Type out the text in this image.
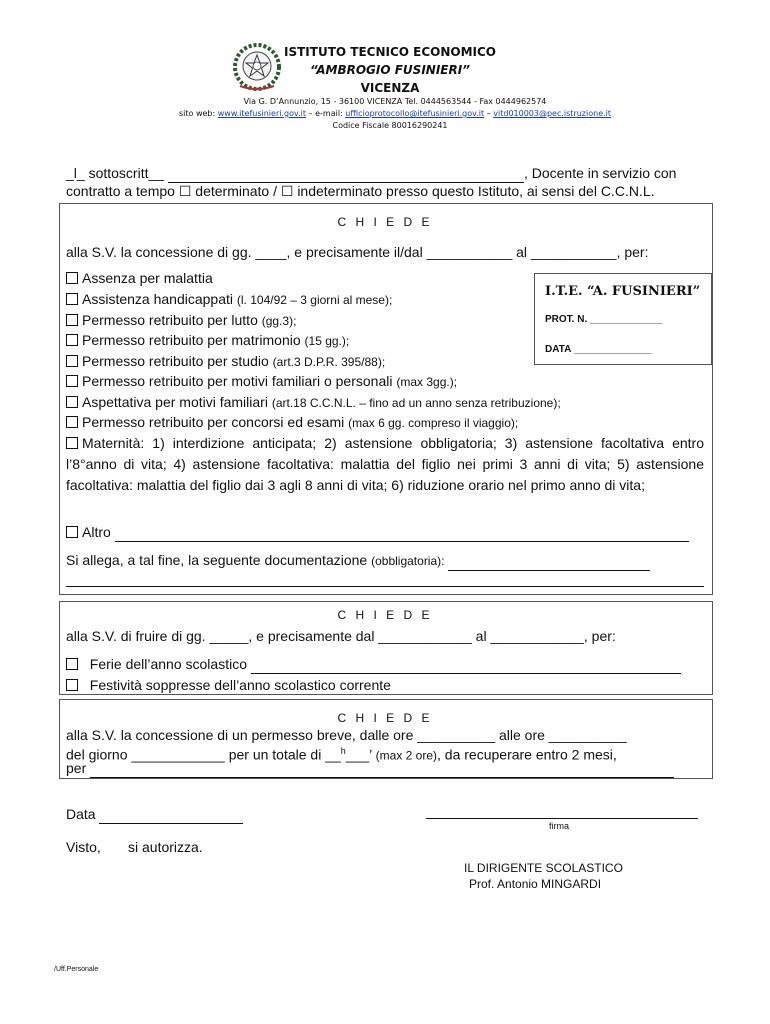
ISTITUTO TECNICO ECONOMICO
“AMBROGIO FUSINIERI”
VICENZA
Via G. D’Annunzio, 15 - 36100 VICENZA Tel. 0444563544 - Fax 0444962574
sito web: www.itefusinieri.gov.it – e-mail: ufficioprotocollo@itefusinieri.gov.it – vitd010003@pec.istruzione.it
Codice Fiscale 80016290241
_l_ sottoscritt__	, Docente in servizio con
contratto a tempo ☐ determinato / ☐ indeterminato presso questo Istituto, ai sensi del C.C.N.L.
C H I E D E
alla S.V. la concessione di gg. ____, e precisamente il/dal ___________ al ___________, per:
I.T.E. “A. FUSINIERI”
PROT. N. _____________
DATA ______________
Assenza per malattia
Assistenza handicappati (l. 104/92 – 3 giorni al mese);
Permesso retribuito per lutto (gg.3);
Permesso retribuito per matrimonio (15 gg.);
Permesso retribuito per studio (art.3 D.P.R. 395/88);
Permesso retribuito per motivi familiari o personali (max 3gg.);
Aspettativa per motivi familiari (art.18 C.C.N.L. – fino ad un anno senza retribuzione);
Permesso retribuito per concorsi ed esami (max 6 gg. compreso il viaggio);
Maternità: 1) interdizione anticipata; 2) astensione obbligatoria; 3) astensione facoltativa entro l’8°anno di vita; 4) astensione facoltativa: malattia del figlio nei primi 3 anni di vita; 5) astensione facoltativa: malattia del figlio dai 3 agli 8 anni di vita; 6) riduzione orario nel primo anno di vita;
Altro
Si allega, a tal fine, la seguente documentazione (obbligatoria):
C H I E D E
alla S.V. di fruire di gg. _____, e precisamente dal ____________ al ____________, per:
Ferie dell’anno scolastico
Festività soppresse dell’anno scolastico corrente
C H I E D E
alla S.V. la concessione di un permesso breve, dalle ore __________ alle ore __________
del giorno ____________ per un totale di __$^h$___’ (max 2 ore), da recuperare entro 2 mesi,
per
Data
firma
Visto, si autorizza.
IL DIRIGENTE SCOLASTICO
Prof. Antonio MINGARDI
/Uff.Personale
